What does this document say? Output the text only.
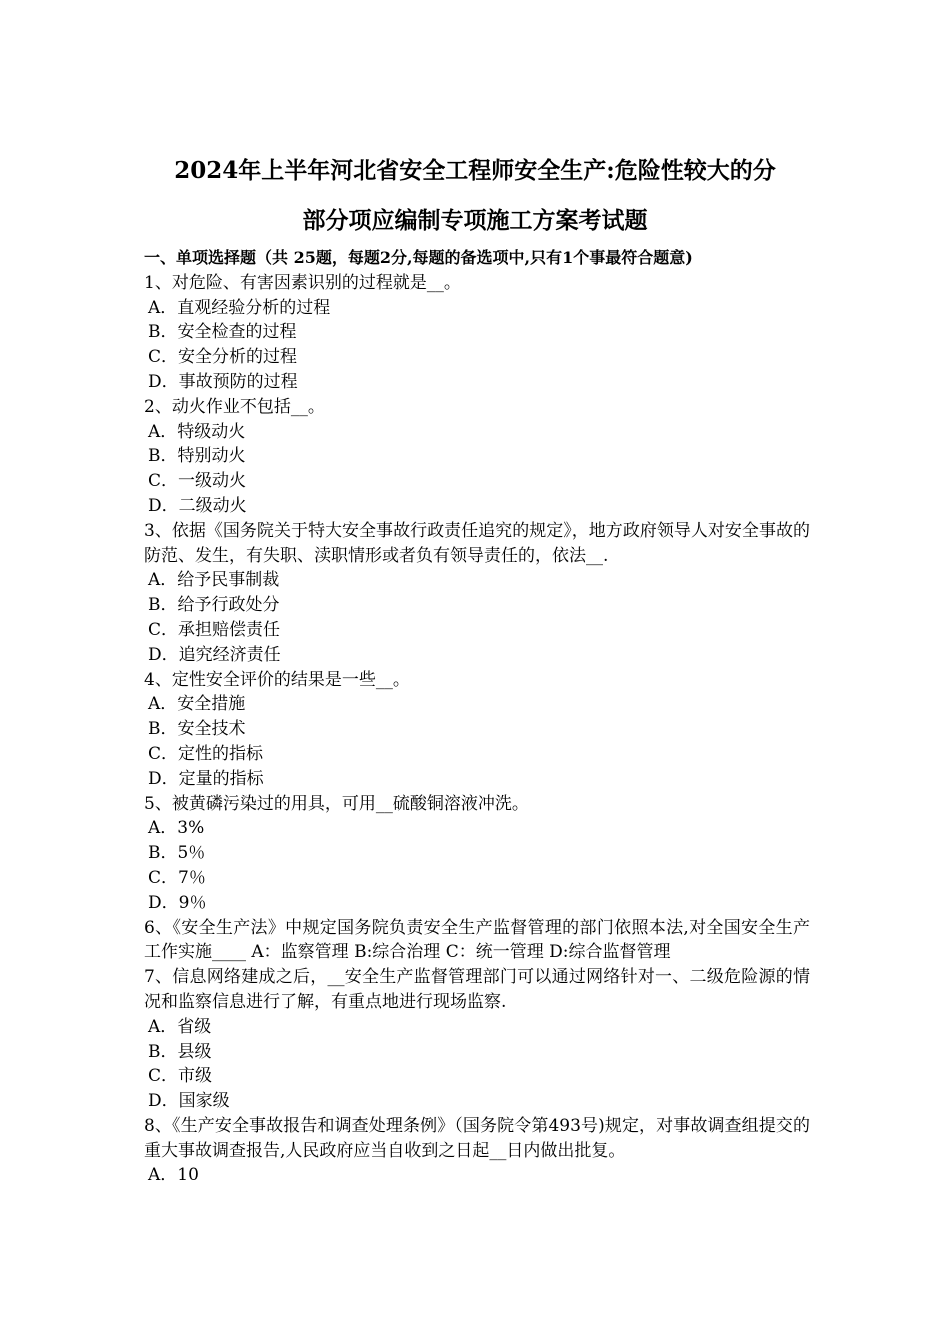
2024年上半年河北省安全工程师安全生产:危险性较大的分
部分项应编制专项施工方案考试题
一、单项选择题（共 25题，每题2分,每题的备选项中,只有1个事最符合题意)
1、对危险、有害因素识别的过程就是__。
A．直观经验分析的过程
B．安全检查的过程
C．安全分析的过程
D．事故预防的过程
2、动火作业不包括__。
A．特级动火
B．特别动火
C．一级动火
D．二级动火
3、依据《国务院关于特大安全事故行政责任追究的规定》，地方政府领导人对安全事故的防范、发生，有失职、渎职情形或者负有领导责任的，依法__.
A．给予民事制裁
B．给予行政处分
C．承担赔偿责任
D．追究经济责任
4、定性安全评价的结果是一些__。
A．安全措施
B．安全技术
C．定性的指标
D．定量的指标
5、被黄磷污染过的用具，可用__硫酸铜溶液冲洗。
A．3%
B．5％
C．7％
D．9％
6、《安全生产法》中规定国务院负责安全生产监督管理的部门依照本法,对全国安全生产工作实施____ A：监察管理 B:综合治理 C：统一管理 D:综合监督管理
7、信息网络建成之后，__安全生产监督管理部门可以通过网络针对一、二级危险源的情况和监察信息进行了解，有重点地进行现场监察.
A．省级
B．县级
C．市级
D．国家级
8、《生产安全事故报告和调查处理条例》（国务院令第493号)规定，对事故调查组提交的重大事故调查报告,人民政府应当自收到之日起__日内做出批复。
A．10
